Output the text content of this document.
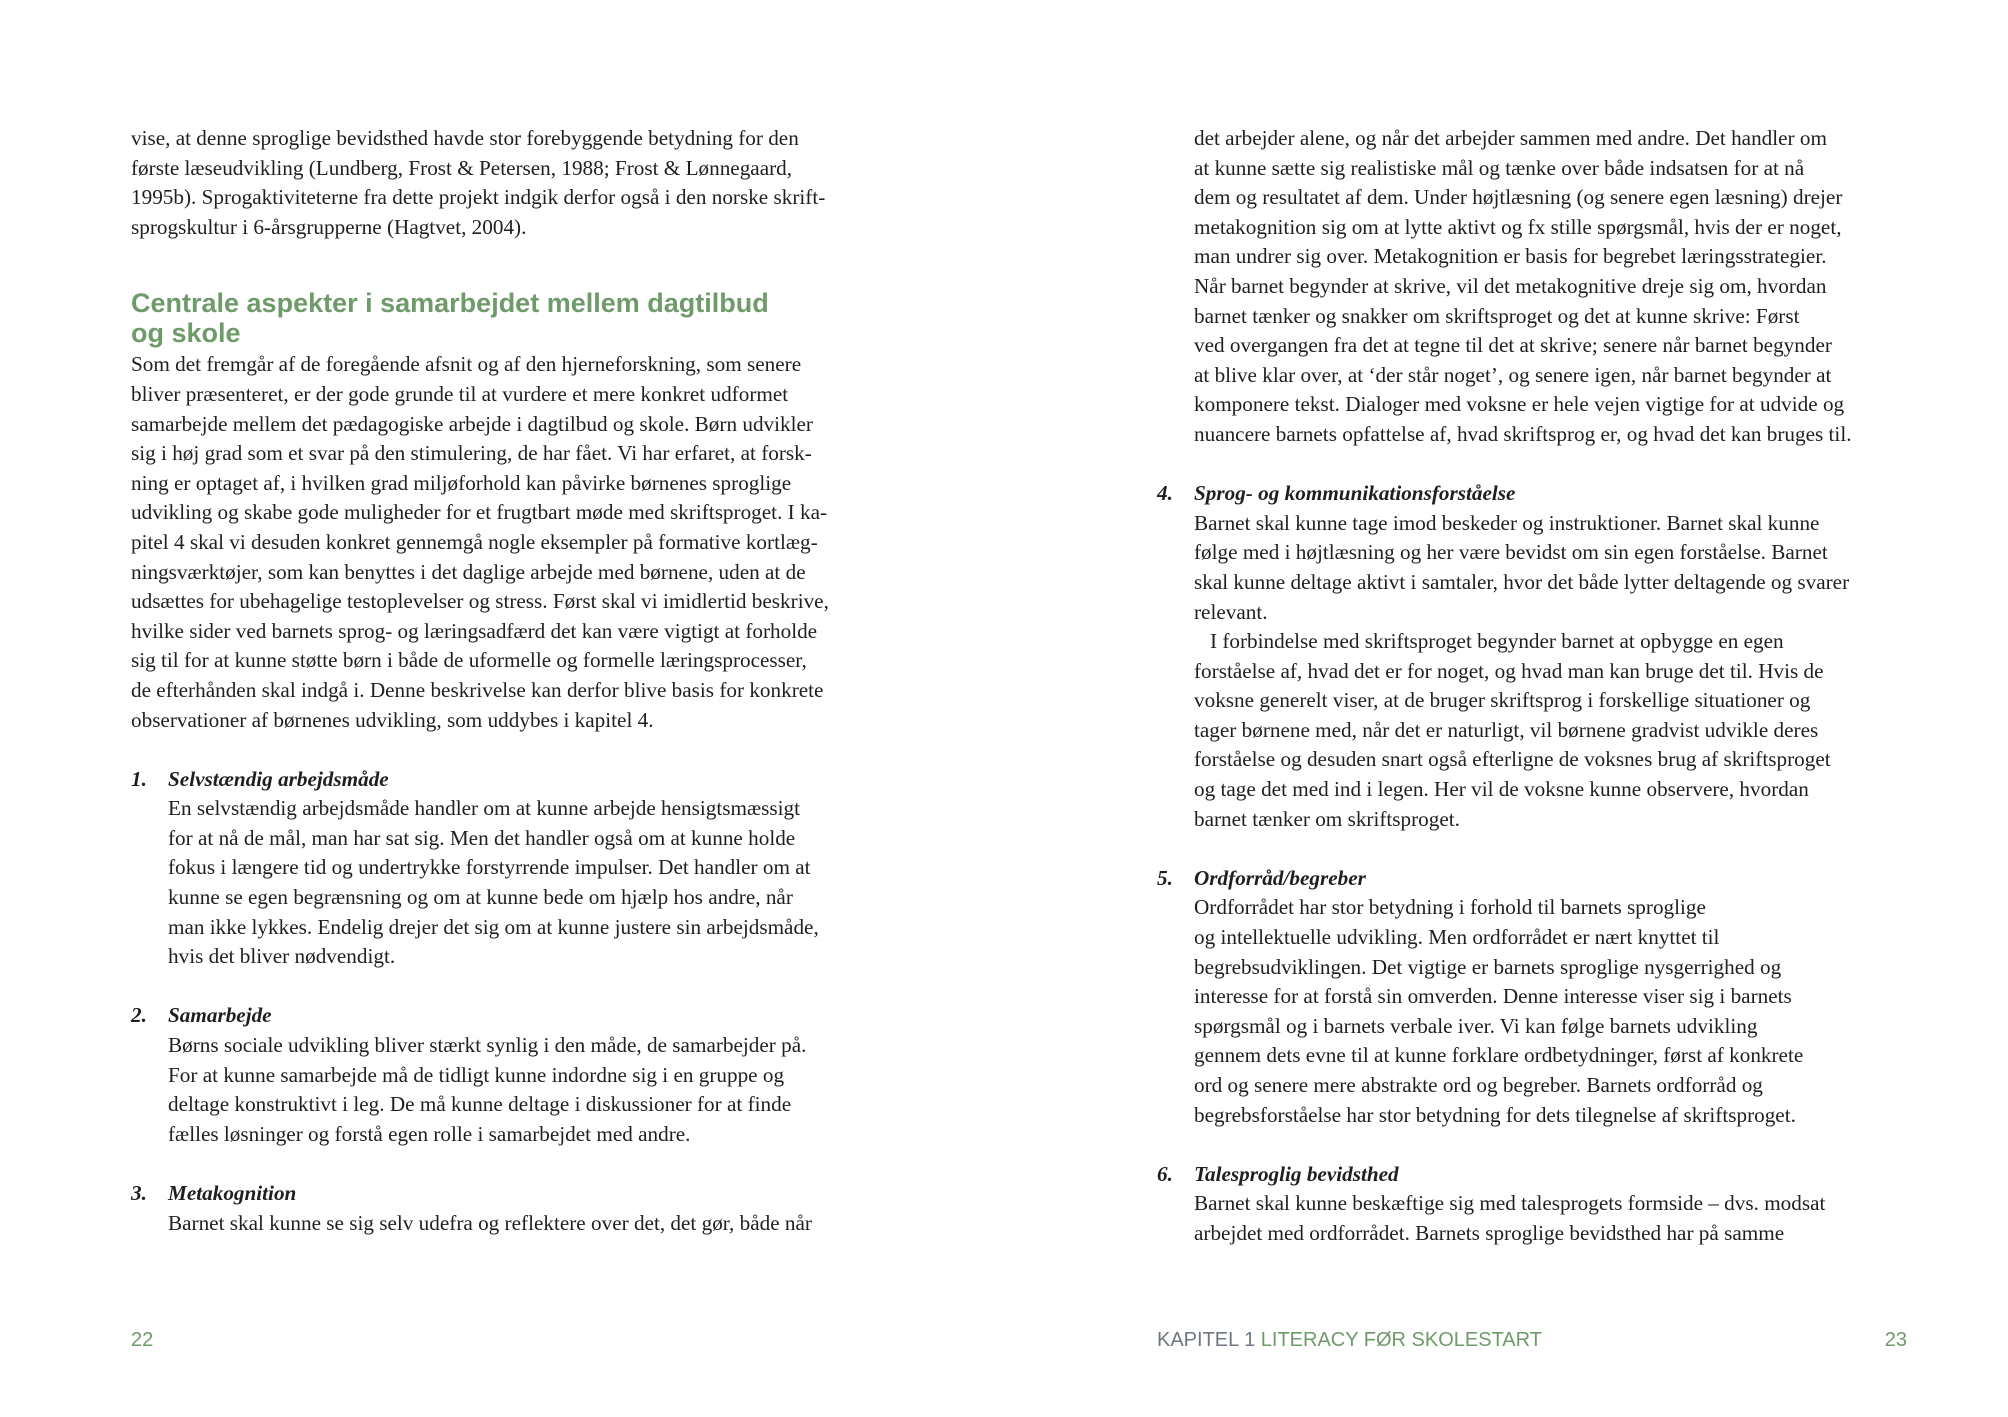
vise, at denne sproglige bevidsthed havde stor forebyggende betydning for den
første læseudvikling (Lundberg, Frost & Petersen, 1988; Frost & Lønnegaard,
1995b). Sprogaktiviteterne fra dette projekt indgik derfor også i den norske skrift-
sprogskultur i 6-årsgrupperne (Hagtvet, 2004).

Centrale aspekter i samarbejdet mellem dagtilbud
og skole

Som det fremgår af de foregående afsnit og af den hjerneforskning, som senere
bliver præsenteret, er der gode grunde til at vurdere et mere konkret udformet
samarbejde mellem det pædagogiske arbejde i dagtilbud og skole. Børn udvikler
sig i høj grad som et svar på den stimulering, de har fået. Vi har erfaret, at forsk-
ning er optaget af, i hvilken grad miljøforhold kan påvirke børnenes sproglige
udvikling og skabe gode muligheder for et frugtbart møde med skriftsproget. I ka-
pitel 4 skal vi desuden konkret gennemgå nogle eksempler på formative kortlæg-
ningsværktøjer, som kan benyttes i det daglige arbejde med børnene, uden at de
udsættes for ubehagelige testoplevelser og stress. Først skal vi imidlertid beskrive,
hvilke sider ved barnets sprog- og læringsadfærd det kan være vigtigt at forholde
sig til for at kunne støtte børn i både de uformelle og formelle læringsprocesser,
de efterhånden skal indgå i. Denne beskrivelse kan derfor blive basis for konkrete
observationer af børnenes udvikling, som uddybes i kapitel 4.

1. Selvstændig arbejdsmåde

En selvstændig arbejdsmåde handler om at kunne arbejde hensigtsmæssigt
for at nå de mål, man har sat sig. Men det handler også om at kunne holde
fokus i længere tid og undertrykke forstyrrende impulser. Det handler om at
kunne se egen begrænsning og om at kunne bede om hjælp hos andre, når
man ikke lykkes. Endelig drejer det sig om at kunne justere sin arbejdsmåde,
hvis det bliver nødvendigt.

2. Samarbejde

Børns sociale udvikling bliver stærkt synlig i den måde, de samarbejder på.
For at kunne samarbejde må de tidligt kunne indordne sig i en gruppe og
deltage konstruktivt i leg. De må kunne deltage i diskussioner for at finde
fælles løsninger og forstå egen rolle i samarbejdet med andre.

3. Metakognition

Barnet skal kunne se sig selv udefra og reflektere over det, det gør, både når

22

det arbejder alene, og når det arbejder sammen med andre. Det handler om
at kunne sætte sig realistiske mål og tænke over både indsatsen for at nå
dem og resultatet af dem. Under højtlæsning (og senere egen læsning) drejer
metakognition sig om at lytte aktivt og fx stille spørgsmål, hvis der er noget,
man undrer sig over. Metakognition er basis for begrebet læringsstrategier.
Når barnet begynder at skrive, vil det metakognitive dreje sig om, hvordan
barnet tænker og snakker om skriftsproget og det at kunne skrive: Først
ved overgangen fra det at tegne til det at skrive; senere når barnet begynder
at blive klar over, at ‘der står noget’, og senere igen, når barnet begynder at
komponere tekst. Dialoger med voksne er hele vejen vigtige for at udvide og
nuancere barnets opfattelse af, hvad skriftsprog er, og hvad det kan bruges til.

4. Sprog- og kommunikationsforståelse

Barnet skal kunne tage imod beskeder og instruktioner. Barnet skal kunne
følge med i højtlæsning og her være bevidst om sin egen forståelse. Barnet
skal kunne deltage aktivt i samtaler, hvor det både lytter deltagende og svarer
relevant.

I forbindelse med skriftsproget begynder barnet at opbygge en egen
forståelse af, hvad det er for noget, og hvad man kan bruge det til. Hvis de
voksne generelt viser, at de bruger skriftsprog i forskellige situationer og
tager børnene med, når det er naturligt, vil børnene gradvist udvikle deres
forståelse og desuden snart også efterligne de voksnes brug af skriftsproget
og tage det med ind i legen. Her vil de voksne kunne observere, hvordan
barnet tænker om skriftsproget.

5. Ordforråd/begreber

Ordforrådet har stor betydning i forhold til barnets sproglige
og intellektuelle udvikling. Men ordforrådet er nært knyttet til
begrebsudviklingen. Det vigtige er barnets sproglige nysgerrighed og
interesse for at forstå sin omverden. Denne interesse viser sig i barnets
spørgsmål og i barnets verbale iver. Vi kan følge barnets udvikling
gennem dets evne til at kunne forklare ordbetydninger, først af konkrete
ord og senere mere abstrakte ord og begreber. Barnets ordforråd og
begrebsforståelse har stor betydning for dets tilegnelse af skriftsproget.

6. Talesproglig bevidsthed

Barnet skal kunne beskæftige sig med talesprogets formside – dvs. modsat
arbejdet med ordforrådet. Barnets sproglige bevidsthed har på samme

KAPITEL 1 LITERACY FØR SKOLESTART	23
